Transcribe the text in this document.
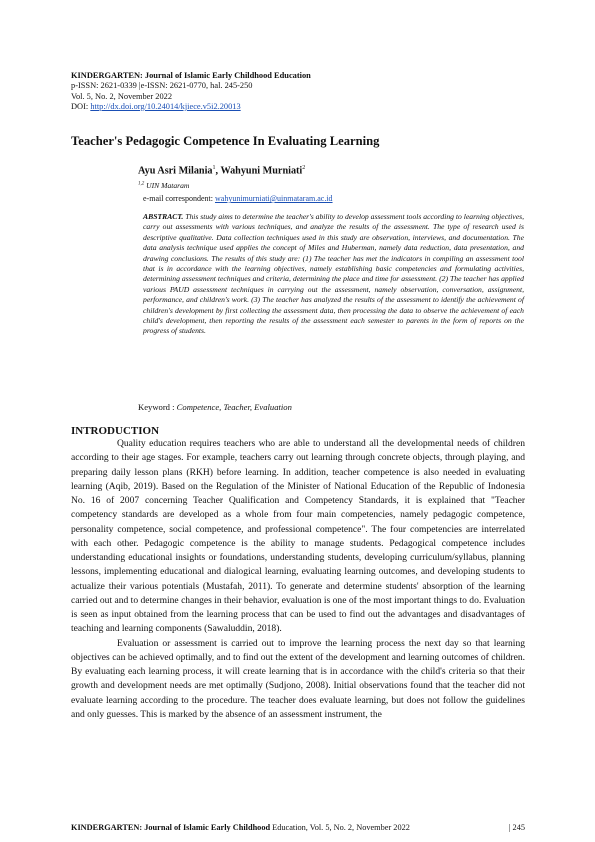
KINDERGARTEN: Journal of Islamic Early Childhood Education
p-ISSN: 2621-0339 |e-ISSN: 2621-0770, hal. 245-250
Vol. 5, No. 2, November 2022
DOI: http://dx.doi.org/10.24014/kjiece.v5i2.20013
Teacher's Pedagogic Competence In Evaluating Learning
Ayu Asri Milania$^1$, Wahyuni Murniati$^2$
$^{1,2}$ UIN Mataram
e-mail correspondent: wahyunimurniati@uinmataram.ac.id
ABSTRACT. This study aims to determine the teacher's ability to develop assessment tools according to learning objectives, carry out assessments with various techniques, and analyze the results of the assessment. The type of research used is descriptive qualitative. Data collection techniques used in this study are observation, interviews, and documentation. The data analysis technique used applies the concept of Miles and Huberman, namely data reduction, data presentation, and drawing conclusions. The results of this study are: (1) The teacher has met the indicators in compiling an assessment tool that is in accordance with the learning objectives, namely establishing basic competencies and formulating activities, determining assessment techniques and criteria, determining the place and time for assessment. (2) The teacher has applied various PAUD assessment techniques in carrying out the assessment, namely observation, conversation, assignment, performance, and children's work. (3) The teacher has analyzed the results of the assessment to identify the achievement of children's development by first collecting the assessment data, then processing the data to observe the achievement of each child's development, then reporting the results of the assessment each semester to parents in the form of reports on the progress of students.
Keyword : Competence, Teacher, Evaluation
INTRODUCTION

Quality education requires teachers who are able to understand all the developmental needs of children according to their age stages. For example, teachers carry out learning through concrete objects, through playing, and preparing daily lesson plans (RKH) before learning. In addition, teacher competence is also needed in evaluating learning (Aqib, 2019). Based on the Regulation of the Minister of National Education of the Republic of Indonesia No. 16 of 2007 concerning Teacher Qualification and Competency Standards, it is explained that "Teacher competency standards are developed as a whole from four main competencies, namely pedagogic competence, personality competence, social competence, and professional competence". The four competencies are interrelated with each other. Pedagogic competence is the ability to manage students. Pedagogical competence includes understanding educational insights or foundations, understanding students, developing curriculum/syllabus, planning lessons, implementing educational and dialogical learning, evaluating learning outcomes, and developing students to actualize their various potentials (Mustafah, 2011). To generate and determine students' absorption of the learning carried out and to determine changes in their behavior, evaluation is one of the most important things to do. Evaluation is seen as input obtained from the learning process that can be used to find out the advantages and disadvantages of teaching and learning components (Sawaluddin, 2018).

Evaluation or assessment is carried out to improve the learning process the next day so that learning objectives can be achieved optimally, and to find out the extent of the development and learning outcomes of children. By evaluating each learning process, it will create learning that is in accordance with the child's criteria so that their growth and development needs are met optimally (Sudjono, 2008). Initial observations found that the teacher did not evaluate learning according to the procedure. The teacher does evaluate learning, but does not follow the guidelines and only guesses. This is marked by the absence of an assessment instrument, the

KINDERGARTEN: Journal of Islamic Early Childhood Education, Vol. 5, No. 2, November 2022	| 245
